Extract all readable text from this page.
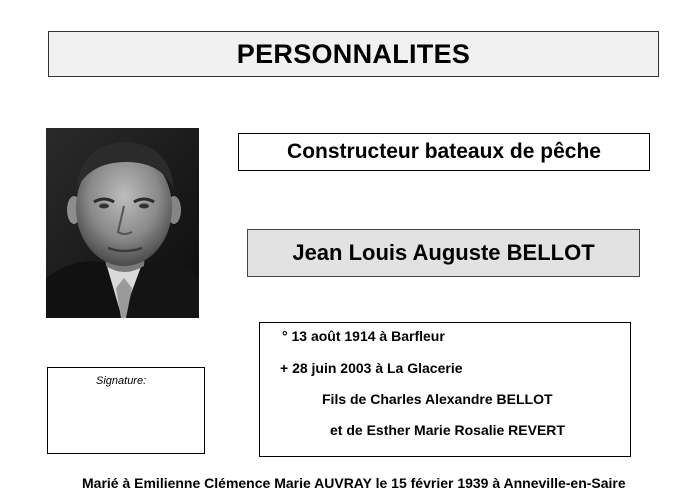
PERSONNALITES
Constructeur bateaux de pêche
Jean Louis Auguste BELLOT
° 13 août 1914 à Barfleur
+ 28 juin 2003 à La Glacerie
Fils de Charles Alexandre BELLOT
et de Esther Marie Rosalie REVERT
Signature:
Marié à Emilienne Clémence Marie AUVRAY le 15 février 1939 à Anneville-en-Saire
